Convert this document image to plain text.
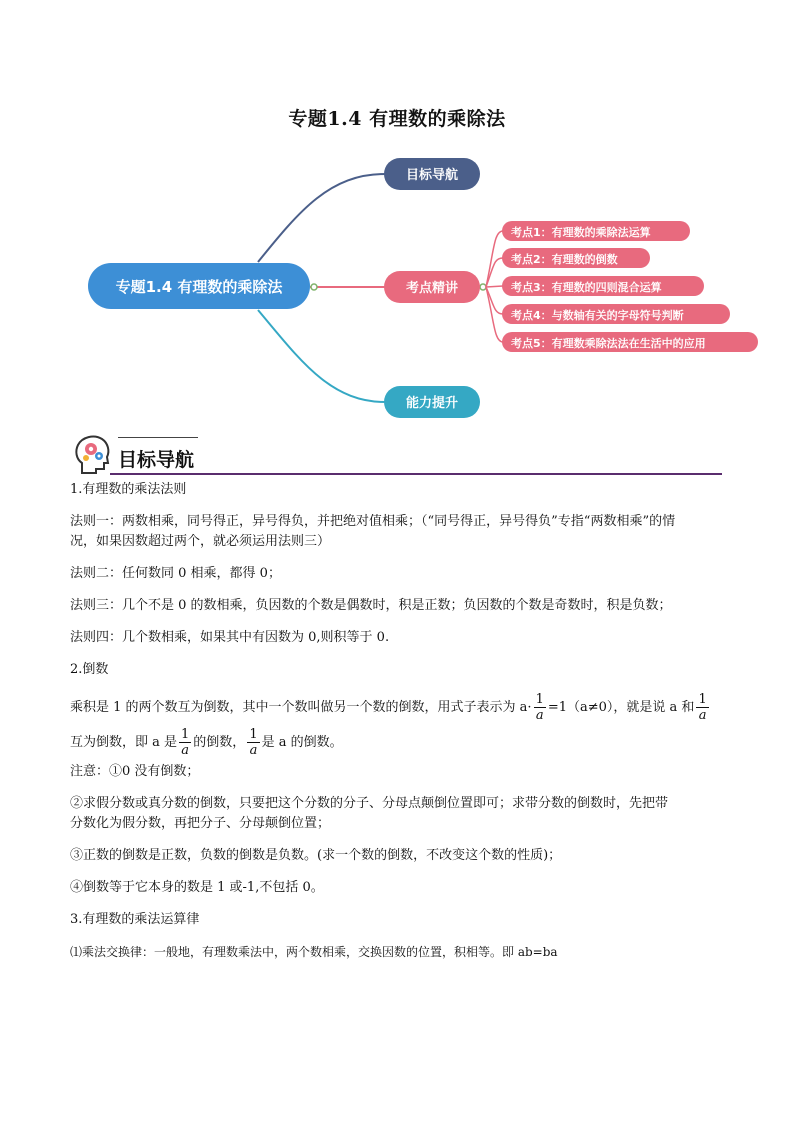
专题1.4 有理数的乘除法
专题1.4 有理数的乘除法
目标导航
考点精讲
能力提升
考点1：有理数的乘除法运算
考点2：有理数的倒数
考点3：有理数的四则混合运算
考点4：与数轴有关的字母符号判断
考点5：有理数乘除法法在生活中的应用
目标导航

1.有理数的乘法法则

法则一：两数相乘，同号得正，异号得负，并把绝对值相乘；（“同号得正，异号得负”专指“两数相乘”的情

况，如果因数超过两个，就必须运用法则三）

法则二：任何数同 0 相乘，都得 0；

法则三：几个不是 0 的数相乘，负因数的个数是偶数时，积是正数；负因数的个数是奇数时，积是负数；

法则四：几个数相乘，如果其中有因数为 0,则积等于 0.

2.倒数

乘积是 1 的两个数互为倒数，其中一个数叫做另一个数的倒数，用式子表示为 $a\cdot \frac{1}{a} =1(a\ne 0)$，就是说 a 和 $\frac{1}{a}$

互为倒数，即 a 是 $\frac{1}{a}$ 的倒数， $\frac{1}{a}$ 是 a 的倒数。

注意：①0 没有倒数；

②求假分数或真分数的倒数，只要把这个分数的分子、分母点颠倒位置即可；求带分数的倒数时，先把带

分数化为假分数，再把分子、分母颠倒位置；

③正数的倒数是正数，负数的倒数是负数。(求一个数的倒数，不改变这个数的性质)；

④倒数等于它本身的数是 1 或-1,不包括 0。

3.有理数的乘法运算律

⑴乘法交换律：一般地，有理数乘法中，两个数相乘，交换因数的位置，积相等。即 ab=ba
